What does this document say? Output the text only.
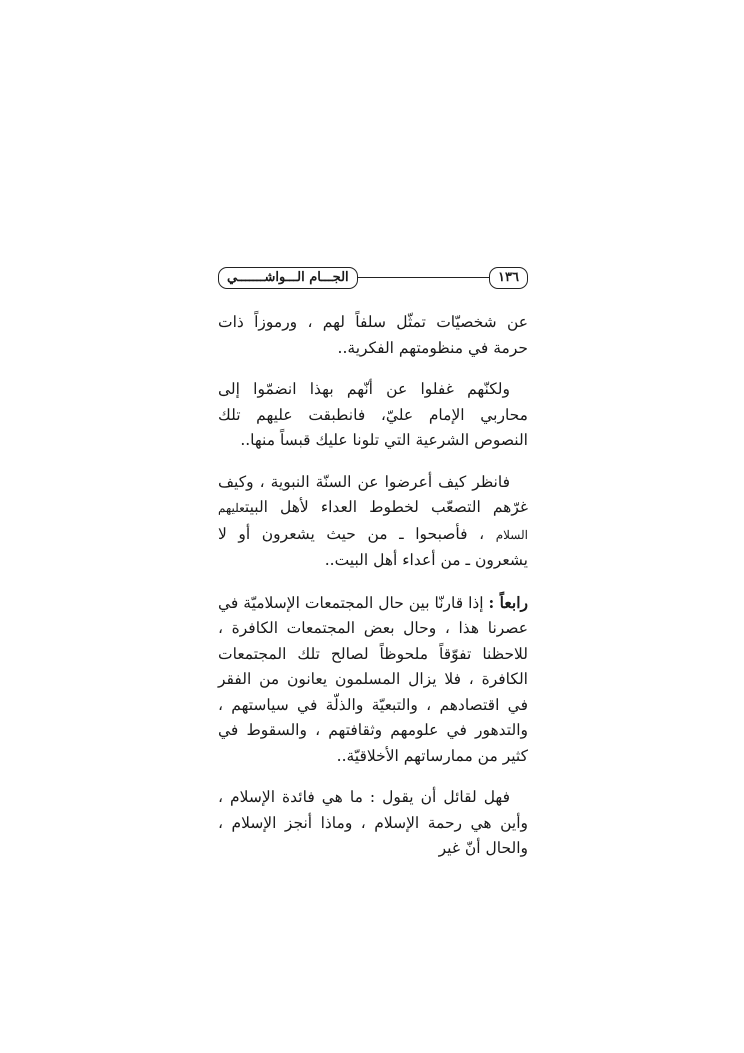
١٣٦
الجـــام الـــواشـــــــي

عن شخصيّات تمثّل سلفاً لهم ، ورموزاً ذات حرمة في منظومتهم الفكرية..

ولكنّهم غفلوا عن أنّهم بهذا انضمّوا إلى محاربي الإمام عليّ، فانطبقت عليهم تلك النصوص الشرعية التي تلونا عليك قبساً منها..

فانظر كيف أعرضوا عن السنّة النبوية ، وكيف غرّهم التصعّب لخطوط العداء لأهل البيتعليهم السلام ، فأصبحوا ـ من حيث يشعرون أو لا يشعرون ـ من أعداء أهل البيت..

رابعاً : إذا قارنّا بين حال المجتمعات الإسلاميّة في عصرنا هذا ، وحال بعض المجتمعات الكافرة ، للاحظنا تفوّقاً ملحوظاً لصالح تلك المجتمعات الكافرة ، فلا يزال المسلمون يعانون من الفقر في اقتصادهم ، والتبعيّة والذلّة في سياستهم ، والتدهور في علومهم وثقافتهم ، والسقوط في كثير من ممارساتهم الأخلاقيّة..

فهل لقائل أن يقول : ما هي فائدة الإسلام ، وأين هي رحمة الإسلام ، وماذا أنجز الإسلام ، والحال أنّ غير
